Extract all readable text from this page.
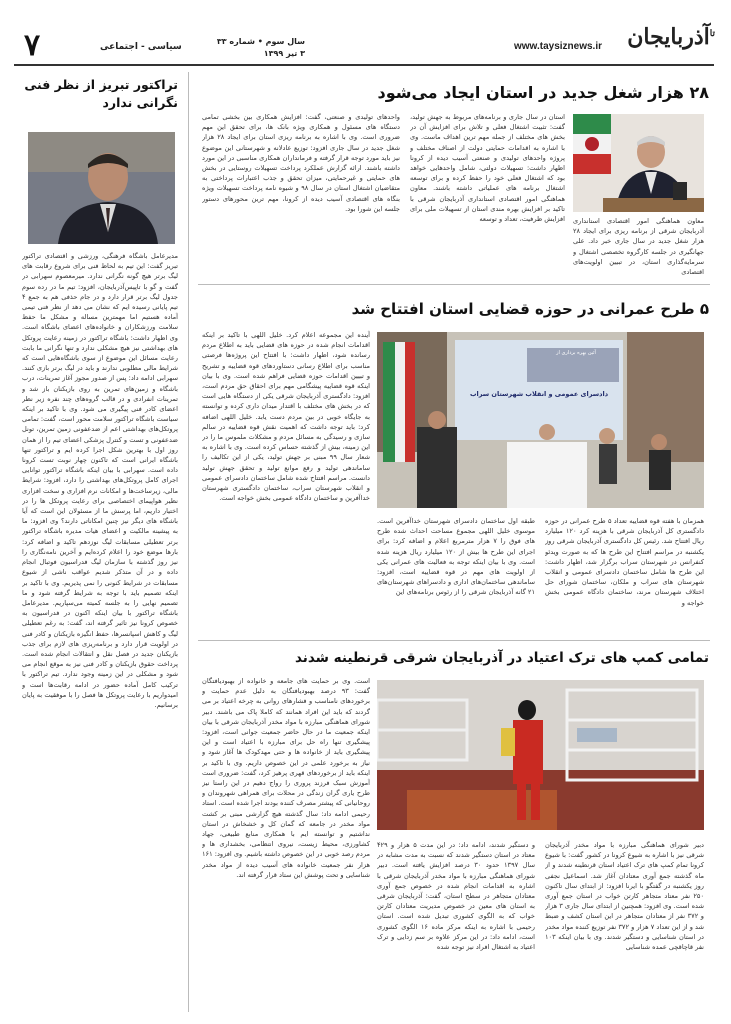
$^{تا}$آذربایجان
www.taysiznews.ir
سال سوم • شماره ۳۳
۳ تیر ۱۳۹۹
سیاسی - اجتماعی
۷
تراکتور تبریز از نظر فنی
نگرانی ندارد
مدیرعامل باشگاه فرهنگی، ورزشی و اقتصادی تراکتور تبریز گفت: این تیم به لحاظ فنی برای شروع رقابت های لیگ برتر هیچ گونه نگرانی ندارد. میرمعصوم سهرابی در گفت و گو با تاپیس‌آذربایجان، افزود: تیم ما در رده سوم جدول لیگ برتر قرار دارد و در جام حذفی هم به جمع ۴ تیم پایانی رسیده ایم که نشان می دهد از نظر فنی تیمی آماده هستیم اما مهمترین مساله و مشکل ما حفظ سلامت ورزشکاران و خانواده‌های اعضای باشگاه است. وی اظهار داشت: باشگاه تراکتور در زمینه رعایت پروتکل های بهداشتی نیز هیچ مشکلی ندارد و تنها نگرانی ما بابت رعایت مسائل این موضوع از سوی باشگاه‌هایی است که شرایط مالی مطلوبی ندارند و باید در لیگ برتر بازی کنند. سهرابی ادامه داد: پس از صدور مجوز آغاز تمرینات، درب باشگاه و زمین‌های تمرین به روی بازیکنان باز شد و تمرینات انفرادی و در قالب گروه‌های چند نفره زیر نظر اعضای کادر فنی پیگیری می شود. وی با تاکید بر اینکه سیاست باشگاه تراکتور سلامت محور است، گفت: تمامی پروتکل‌های بهداشتی اعم از ضدعفونی زمین تمرین، تونل ضدعفونی و تست و کنترل پزشکی اعضای تیم را از همان روز اول با بهترین شکل اجرا کرده ایم و تراکتور تنها باشگاه ایرانی است که تاکنون چهار نوبت تست کرونا داده است. سهرابی با بیان اینکه باشگاه تراکتور توانایی اجرای کامل پروتکل‌های بهداشتی را دارد، افزود: شرایط مالی، زیرساخت‌ها و امکانات نرم افزاری و سخت افزاری نظیر هواپیمای اختصاصی برای رعایت پروتکل ها را در اختیار داریم، اما پرسش ما از مسئولان این است که آیا باشگاه های دیگر نیز چنین امکاناتی دارند؟ وی افزود: ما به پیشینه مالکیت و اعضای هیات مدیره باشگاه تراکتور برتر تعطیلی مسابقات لیگ نوزدهم تاکید و اضافه کرد: بارها موضع خود را اعلام کرده‌ایم و آخرین نامه‌نگاری را نیز روز گذشته با سازمان لیگ فدراسیون فوتبال انجام داده و در آن متذکر شدیم عواقب ناشی از شیوع مسابقات در شرایط کنونی را نمی پذیریم. وی با تاکید بر اینکه تصمیم باید با توجه به شرایط گرفته شود و ما تصمیم نهایی را به جلسه کمیته می‌سپاریم. مدیرعامل باشگاه تراکتور با بیان اینکه اکنون در فدراسیون به خصوص کرونا نیز تاثیر گرفته اند، گفت: به رغم تعطیلی لیگ و کاهش اسپانسرها، حفظ انگیزه بازیکنان و کادر فنی در اولویت قرار دارد و برنامه‌ریزی های لازم برای جذب بازیکنان جدید در فصل نقل و انتقالات انجام شده است. پرداخت حقوق بازیکنان و کادر فنی نیز به موقع انجام می شود و مشکلی در این زمینه وجود ندارد. تیم تراکتور با ترکیب کامل آماده حضور در ادامه رقابت‌ها است و امیدواریم با رعایت پروتکل ها فصل را با موفقیت به پایان برسانیم.
۲۸ هزار شغل جدید در استان ایجاد می‌شود
معاون هماهنگی امور اقتصادی استانداری آذربایجان شرقی از برنامه ریزی برای ایجاد ۲۸ هزار شغل جدید در سال جاری خبر داد. علی جهانگیری در جلسه کارگروه تخصصی اشتغال و سرمایه‌گذاری استان، در تبیین اولویت‌های اقتصادی
استان در سال جاری و برنامه‌های مربوط به جهش تولید، گفت: تثبیت اشتغال فعلی و تلاش برای افزایش آن در بخش های مختلف از جمله مهم ترین اهداف ماست. وی با اشاره به اقدامات حمایتی دولت از اصناف مختلف و پروژه واحدهای تولیدی و صنعتی آسیب دیده از کرونا اظهار داشت: تسهیلات دولتی، شامل واحدهایی خواهد بود که اشتغال فعلی خود را حفظ کرده و برای توسعه اشتغال برنامه های عملیاتی داشته باشند. معاون هماهنگی امور اقتصادی استانداری آذربایجان شرقی با تاکید بر افزایش بهره مندی استان از تسهیلات ملی برای افزایش ظرفیت، تعداد و توسعه
واحدهای تولیدی و صنعتی، گفت: افزایش همکاری بین بخشی تمامی دستگاه های مسئول و همکاری ویژه بانک ها، برای تحقق این مهم ضروری است. وی با اشاره به برنامه ریزی استان برای ایجاد ۲۸ هزار شغل جدید در سال جاری افزود: توزیع عادلانه و شهرستانی این موضوع نیز باید مورد توجه قرار گرفته و فرمانداران همکاری مناسبی در این مورد داشته باشند. ارائه گزارش عملکرد پرداخت تسهیلات روستایی در بخش های حمایتی و غیرحمایتی، میزان تحقق و جذب اعتبارات پرداختی به متقاضیان اشتغال استان در سال ۹۸ و شیوه نامه پرداخت تسهیلات ویژه بنگاه های اقتصادی آسیب دیده از کرونا، مهم ترین محورهای دستور جلسه این شورا بود.
۵ طرح عمرانی در حوزه قضایی استان افتتاح شد
آئین بهره برداری از
دادسرای عمومی و انقلاب شهرستان سراب
آینده این مجموعه اعلام کرد. خلیل اللهی با تاکید بر اینکه اقدامات انجام شده در حوزه های قضایی باید به اطلاع مردم رسانده شود، اظهار داشت: با افتتاح این پروژه‌ها فرصتی مناسب برای اطلاع رسانی دستاوردهای قوه قضاییه و تشریح و تبیین اقدامات حوزه قضایی فراهم شده است. وی با بیان اینکه قوه قضاییه پیشگامی مهم برای احقاق حق مردم است، افزود: دادگستری آذربایجان شرقی یکی از دستگاه هایی است که در بخش های مختلف با اقتدار میدان داری کرده و توانسته به جایگاه خوبی در بین مردم دست یابد. خلیل اللهی اضافه کرد: باید توجه داشت که اهمیت نقش قوه قضاییه در سالم سازی و رسیدگی به مسائل مردم و مشکلات ملموس ما را در این زمینه، بیش از گذشته حساس کرده است. وی با اشاره به شعار سال ۹۹ مبنی بر جهش تولید، یکی از این تکالیف را ساماندهی تولید و رفع موانع تولید و تحقق جهش تولید دانست. مراسم افتتاح شده شامل ساختمان دادسرای عمومی و انقلاب شهرستان سراب، ساختمان دادگستری شهرستان خداآفرین و ساختمان دادگاه عمومی بخش خواجه است.
طبقه اول ساختمان دادسرای شهرستان خداآفرین است. موسوی خلیل اللهی مجموع مساحت احداث شده طرح های فوق را ۷ هزار مترمربع اعلام و اضافه کرد: برای اجرای این طرح ها بیش از ۱۲۰ میلیارد ریال هزینه شده است. وی با بیان اینکه توجه به فعالیت های عمرانی یکی از اولویت های مهم در قوه قضاییه است، افزود: ساماندهی ساختمان‌های اداری و دادسراهای شهرستان‌های ۲۱ گانه آذربایجان شرقی را از رئوس برنامه‌های این
همزمان با هفته قوه قضاییه تعداد ۵ طرح عمرانی در حوزه دادگستری کل آذربایجان شرقی با هزینه کرد ۱۲۰ میلیارد ریال افتتاح شد. رئیس کل دادگستری آذربایجان شرقی روز یکشنبه در مراسم افتتاح این طرح ها که به صورت ویدئو کنفرانس در شهرستان سراب برگزار شد، اظهار داشت: این طرح ها شامل ساختمان دادسرای عمومی و انقلاب شهرستان های سراب و ملکان، ساختمان شورای حل اختلاف شهرستان مرند، ساختمان دادگاه عمومی بخش خواجه و
تمامی کمپ های ترک اعتیاد در آذربایجان شرقی قرنطینه شدند
است. وی بر حمایت های جامعه و خانواده از بهبودیافتگان گفت: ۹۳ درصد بهبودیافتگان به دلیل عدم حمایت و برخوردهای نامناسب و فشارهای روانی به چرخه اعتیاد بر می گردند که باید این افراد همانند که کاملا پاک می باشند. دبیر شورای هماهنگی مبارزه با مواد مخدر آذربایجان شرقی با بیان اینکه جمعیت ما در حال حاضر جمعیت جوانی است، افزود: پیشگیری تنها راه حل برای مبارزه با اعتیاد است و این پیشگیری باید از خانواده ها و حتی مهدکودک ها آغاز شود و نیاز به برخورد علمی در این خصوص داریم. وی با تاکید بر اینکه باید از برخوردهای قهری پرهیز کرد، گفت: ضروری است آموزش سبک فرزند پروری را رواج دهیم در این راستا نیز طرح یاری گران زندگی در محلات برای همراهی شهروندان و روحانیانی که پیشتر مصرف کننده بودند اجرا شده است. استاد رحیمی ادامه داد: سال گذشته هیچ گزارشی مبنی بر کشت مواد مخدر در جامعه که گمان کل و خشخاش در استان نداشتیم و توانسته ایم با همکاری منابع طبیعی، جهاد کشاورزی، محیط زیست، نیروی انتظامی، بخشداری ها و مردم رصد خوبی در این خصوص داشته باشیم. وی افزود: ۱۶۱ هزار نفر جمعیت خانواده های آسیب دیده از مواد مخدر شناسایی و تحت پوشش این ستاد قرار گرفته اند.
و دستگیر شدند، ادامه داد: در این مدت ۵ هزار و ۴۲۹ معتاد در استان دستگیر شدند که نسبت به مدت مشابه در سال ۱۳۹۷ حدود ۳۰ درصد افزایش یافته است. دبیر شورای هماهنگی مبارزه با مواد مخدر آذربایجان شرقی با اشاره به اقدامات انجام شده در خصوص جمع آوری معتادان متجاهر در سطح استان، گفت: آذربایجان شرقی به استان های معین در خصوص مدیریت معتادان کارتن خواب که به الگوی کشوری تبدیل شده است. استان رحیمی با اشاره به اینکه مرکز ماده ۱۶ الگوی کشوری است، ادامه داد: در این مرکز علاوه بر سم زدایی و ترک اعتیاد به اشتغال افراد نیز توجه شده
دبیر شورای هماهنگی مبارزه با مواد مخدر آذربایجان شرقی نیز با اشاره به شیوع کرونا در کشور گفت: با شیوع کرونا تمام کمپ های ترک اعتیاد استان قرنطینه شدند و از ماه گذشته جمع آوری معتادان آغاز شد. اسماعیل نجفی روز یکشنبه در گفتگو با ایرنا افزود: از ابتدای سال تاکنون ۲۵۰ نفر معتاد متجاهر کارتن خواب در استان جمع آوری شده است. وی افزود: همچنین از ابتدای سال جاری ۳ هزار و ۳۷۲ نفر از معتادان متجاهر در این استان کشف و ضبط شد و از این تعداد ۷ هزار و ۳۷۲ نفر توزیع کننده مواد مخدر در استان شناسایی و دستگیر شدند. وی با بیان اینکه ۱۰۳ نفر قاچاقچی عمده شناسایی
